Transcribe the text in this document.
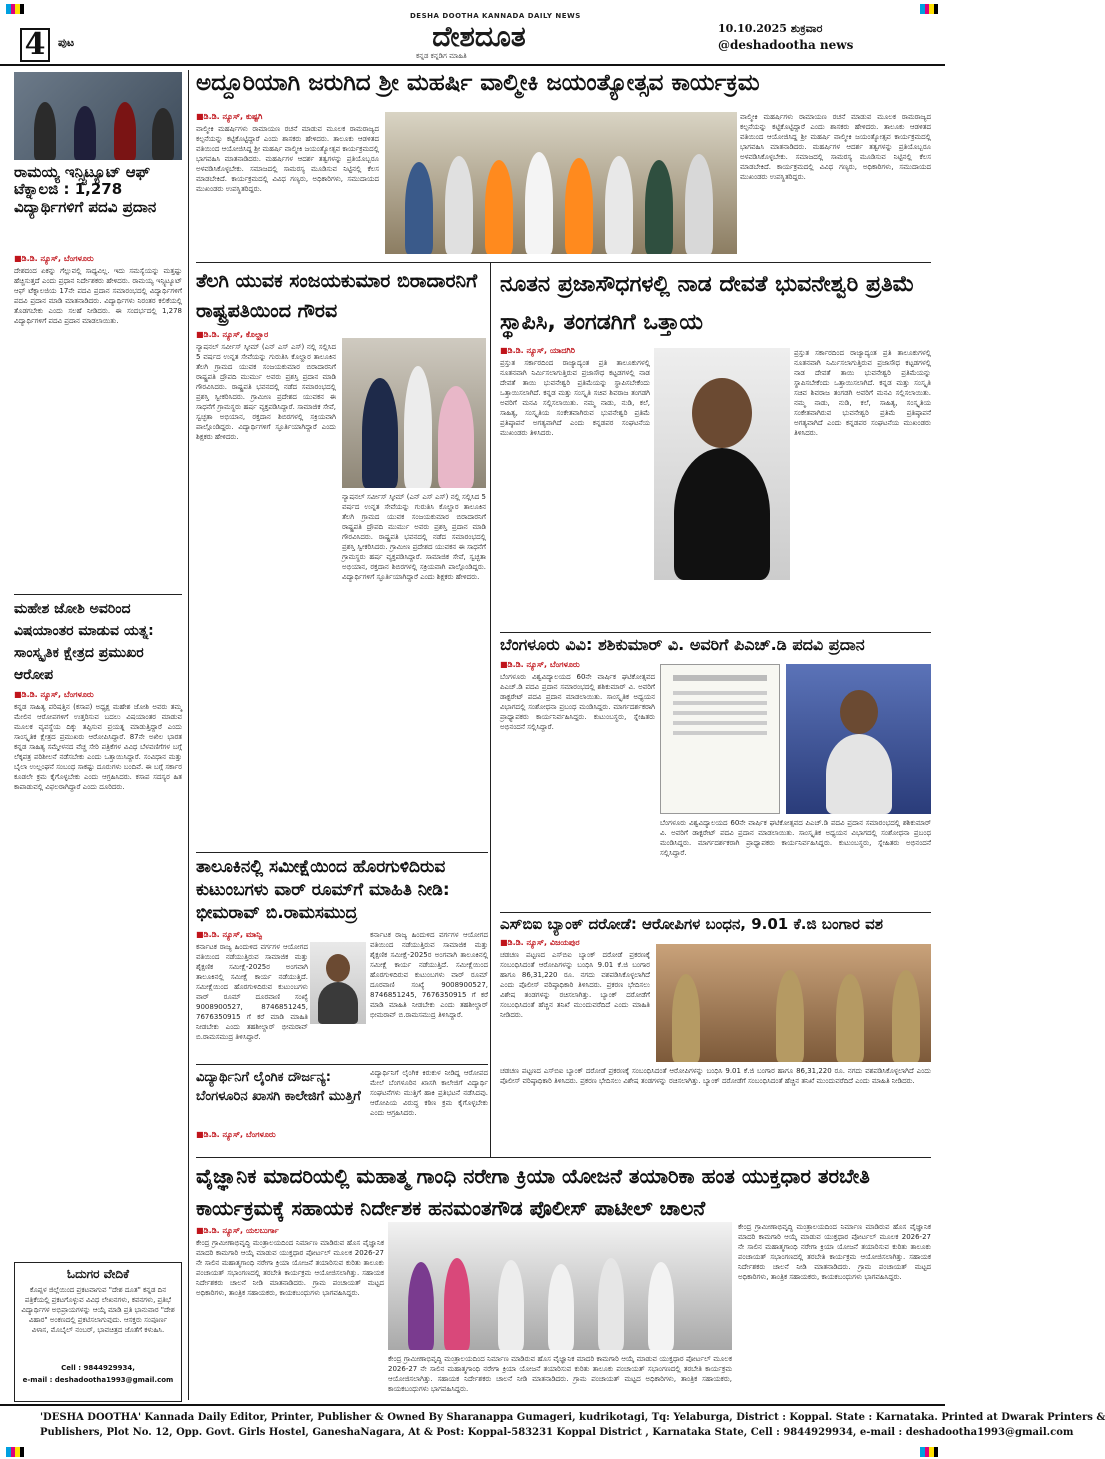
4	ಪುಟ
DESHA DOOTHA KANNADA DAILY NEWS
ದೇಶದೂತ
ಕನ್ನಡ ಕನ್ನಡಿಗ ಮಾಹಿತಿ
10.10.2025 ಶುಕ್ರವಾರ
@deshadootha news
ರಾಮಯ್ಯ ಇನ್ಸ್ಟಿಟ್ಯೂಟ್ ಆಫ್ ಟೆಕ್ನಾಲಜಿ : 1,278 ವಿದ್ಯಾರ್ಥಿಗಳಿಗೆ ಪದವಿ ಪ್ರದಾನ
■ಡಿ.ಡಿ. ನ್ಯೂಸ್, ಬೆಂಗಳೂರು
ದೇಶದಂದ ಏಕನ್ನು ಗೆಲ್ಲುವಲ್ಲಿ ಸಾಧ್ಯವಿಲ್ಲ. ಇದು ಸಮಸ್ಯೆಯನ್ನು ಮತ್ತಷ್ಟು ಹೆಚ್ಚಿಸುತ್ತದೆ ಎಂದು ಪ್ರಧಾನ ನಿರ್ದೇಶಕರು ಹೇಳಿದರು. ರಾಮಯ್ಯ ಇನ್ಸ್ಟಿಟ್ಯೂಟ್ ಆಫ್ ಟೆಕ್ನಾಲಜಿಯ 17ನೇ ಪದವಿ ಪ್ರದಾನ ಸಮಾರಂಭದಲ್ಲಿ ವಿದ್ಯಾರ್ಥಿಗಳಿಗೆ ಪದವಿ ಪ್ರದಾನ ಮಾಡಿ ಮಾತನಾಡಿದರು. ವಿದ್ಯಾರ್ಥಿಗಳು ನಿರಂತರ ಕಲಿಕೆಯಲ್ಲಿ ತೊಡಗಬೇಕು ಎಂದು ಸಲಹೆ ನೀಡಿದರು. ಈ ಸಂದರ್ಭದಲ್ಲಿ 1,278 ವಿದ್ಯಾರ್ಥಿಗಳಿಗೆ ಪದವಿ ಪ್ರದಾನ ಮಾಡಲಾಯಿತು.
ಮಹೇಶ ಜೋಶಿ ಅವರಿಂದ ವಿಷಯಾಂತರ ಮಾಡುವ ಯತ್ನ: ಸಾಂಸ್ಕೃತಿಕ ಕ್ಷೇತ್ರದ ಪ್ರಮುಖರ ಆರೋಪ
■ಡಿ.ಡಿ. ನ್ಯೂಸ್, ಬೆಂಗಳೂರು
ಕನ್ನಡ ಸಾಹಿತ್ಯ ಪರಿಷತ್ತಿನ (ಕಸಾಪ) ಅಧ್ಯಕ್ಷ ಮಹೇಶ ಜೋಶಿ ಅವರು ತಮ್ಮ ಮೇಲಿನ ಆರೋಪಗಳಿಗೆ ಉತ್ತರಿಸುವ ಬದಲು ವಿಷಯಾಂತರ ಮಾಡುವ ಮೂಲಕ ವ್ಯವಸ್ಥೆಯ ದಿಕ್ಕು ತಪ್ಪಿಸುವ ಪ್ರಯತ್ನ ಮಾಡುತ್ತಿದ್ದಾರೆ ಎಂದು ಸಾಂಸ್ಕೃತಿಕ ಕ್ಷೇತ್ರದ ಪ್ರಮುಖರು ಆರೋಪಿಸಿದ್ದಾರೆ. 87ನೇ ಅಖಿಲ ಭಾರತ ಕನ್ನಡ ಸಾಹಿತ್ಯ ಸಮ್ಮೇಳನದ ವೆಚ್ಚ ಸೇರಿ ಪತ್ರಿಕೆಗಳ ವಿವಿಧ ಬೆಳವಣಿಗೆಗಳ ಬಗ್ಗೆ ಲೆಕ್ಕಪತ್ರ ಪರಿಶೀಲನೆ ನಡೆಸಬೇಕು ಎಂದು ಒತ್ತಾಯಿಸಿದ್ದಾರೆ. ಸಂವಿಧಾನ ಮತ್ತು ಬೈಲಾ ಉಲ್ಲಂಘನೆ ಸಂಬಂಧ ಸಾಕಷ್ಟು ದೂರುಗಳು ಬಂದಿವೆ. ಈ ಬಗ್ಗೆ ಸರ್ಕಾರ ಕೂಡಲೇ ಕ್ರಮ ಕೈಗೊಳ್ಳಬೇಕು ಎಂದು ಆಗ್ರಹಿಸಿದರು. ಕಸಾಪ ಸದಸ್ಯರ ಹಿತ ಕಾಪಾಡುವಲ್ಲಿ ವಿಫಲರಾಗಿದ್ದಾರೆ ಎಂದು ದೂರಿದರು.
ಓದುಗರ ವೇದಿಕೆ
ಕೊಪ್ಪಳ ಜಿಲ್ಲೆಯಿಂದ ಪ್ರಕಟವಾಗುವ "ದೇಶ ದೂತ" ಕನ್ನಡ ದಿನ ಪತ್ರಿಕೆಯಲ್ಲಿ ಪ್ರಕಟಗೊಳ್ಳುವ ವಿವಿಧ ಲೇಖನಗಳು, ಕವನಗಳು, ಪ್ರತಿಭೆ ವಿದ್ಯಾರ್ಥಿಗಳ ಅಭಿಪ್ರಾಯಗಳನ್ನು ಆಯ್ಕೆ ಮಾಡಿ ಪ್ರತಿ ಭಾನುವಾರ "ದೇಶ ವಿಹಾರ" ಅಂಕಣದಲ್ಲಿ ಪ್ರಕಟಿಸಲಾಗುವುದು. ಆಸಕ್ತರು ಸಂಪೂರ್ಣ ವಿಳಾಸ, ಮೊಬೈಲ್ ನಂಬರ್, ಭಾವಚಿತ್ರದ ಜೊತೆಗೆ ಕಳುಹಿಸಿ.
Cell : 9844929934,
e-mail : deshadootha1993@gmail.com
ಅದ್ದೂರಿಯಾಗಿ ಜರುಗಿದ ಶ್ರೀ ಮಹರ್ಷಿ ವಾಲ್ಮೀಕಿ ಜಯಂತ್ಯೋತ್ಸವ ಕಾರ್ಯಕ್ರಮ
■ಡಿ.ಡಿ. ನ್ಯೂಸ್, ಕುಷ್ಟಗಿ
ವಾಲ್ಮೀಕಿ ಮಹರ್ಷಿಗಳು ರಾಮಾಯಣ ರಚನೆ ಮಾಡುವ ಮೂಲಕ ರಾಮರಾಜ್ಯದ ಕಲ್ಪನೆಯನ್ನು ಕಟ್ಟಿಕೊಟ್ಟಿದ್ದಾರೆ ಎಂದು ಶಾಸಕರು ಹೇಳಿದರು. ತಾಲೂಕು ಆಡಳಿತದ ವತಿಯಿಂದ ಆಯೋಜಿಸಿದ್ದ ಶ್ರೀ ಮಹರ್ಷಿ ವಾಲ್ಮೀಕಿ ಜಯಂತ್ಯೋತ್ಸವ ಕಾರ್ಯಕ್ರಮದಲ್ಲಿ ಭಾಗವಹಿಸಿ ಮಾತನಾಡಿದರು. ಮಹರ್ಷಿಗಳ ಆದರ್ಶ ತತ್ವಗಳನ್ನು ಪ್ರತಿಯೊಬ್ಬರೂ ಅಳವಡಿಸಿಕೊಳ್ಳಬೇಕು. ಸಮಾಜದಲ್ಲಿ ಸಾಮರಸ್ಯ ಮೂಡಿಸುವ ನಿಟ್ಟಿನಲ್ಲಿ ಕೆಲಸ ಮಾಡಬೇಕಿದೆ. ಕಾರ್ಯಕ್ರಮದಲ್ಲಿ ವಿವಿಧ ಗಣ್ಯರು, ಅಧಿಕಾರಿಗಳು, ಸಮುದಾಯದ ಮುಖಂಡರು ಉಪಸ್ಥಿತರಿದ್ದರು.
ವಾಲ್ಮೀಕಿ ಮಹರ್ಷಿಗಳು ರಾಮಾಯಣ ರಚನೆ ಮಾಡುವ ಮೂಲಕ ರಾಮರಾಜ್ಯದ ಕಲ್ಪನೆಯನ್ನು ಕಟ್ಟಿಕೊಟ್ಟಿದ್ದಾರೆ ಎಂದು ಶಾಸಕರು ಹೇಳಿದರು. ತಾಲೂಕು ಆಡಳಿತದ ವತಿಯಿಂದ ಆಯೋಜಿಸಿದ್ದ ಶ್ರೀ ಮಹರ್ಷಿ ವಾಲ್ಮೀಕಿ ಜಯಂತ್ಯೋತ್ಸವ ಕಾರ್ಯಕ್ರಮದಲ್ಲಿ ಭಾಗವಹಿಸಿ ಮಾತನಾಡಿದರು. ಮಹರ್ಷಿಗಳ ಆದರ್ಶ ತತ್ವಗಳನ್ನು ಪ್ರತಿಯೊಬ್ಬರೂ ಅಳವಡಿಸಿಕೊಳ್ಳಬೇಕು. ಸಮಾಜದಲ್ಲಿ ಸಾಮರಸ್ಯ ಮೂಡಿಸುವ ನಿಟ್ಟಿನಲ್ಲಿ ಕೆಲಸ ಮಾಡಬೇಕಿದೆ. ಕಾರ್ಯಕ್ರಮದಲ್ಲಿ ವಿವಿಧ ಗಣ್ಯರು, ಅಧಿಕಾರಿಗಳು, ಸಮುದಾಯದ ಮುಖಂಡರು ಉಪಸ್ಥಿತರಿದ್ದರು.
ತೆಲಗಿ ಯುವಕ ಸಂಜಯಕುಮಾರ ಬಿರಾದಾರನಿಗೆ ರಾಷ್ಟ್ರಪತಿಯಿಂದ ಗೌರವ
■ಡಿ.ಡಿ. ನ್ಯೂಸ್, ಕೊಲ್ಹಾರ
ನ್ಯಾಷನಲ್ ಸರ್ವೀಸ್ ಸ್ಕೀಮ್ (ಎನ್ ಎಸ್ ಎಸ್) ನಲ್ಲಿ ಸಲ್ಲಿಸಿದ 5 ವರ್ಷದ ಉನ್ನತ ಸೇವೆಯನ್ನು ಗುರುತಿಸಿ ಕೊಲ್ಹಾರ ತಾಲೂಕಿನ ತೆಲಗಿ ಗ್ರಾಮದ ಯುವಕ ಸಂಜಯಕುಮಾರ ಬಿರಾದಾರನಿಗೆ ರಾಷ್ಟ್ರಪತಿ ದ್ರೌಪದಿ ಮುರ್ಮು ಅವರು ಪ್ರಶಸ್ತಿ ಪ್ರದಾನ ಮಾಡಿ ಗೌರವಿಸಿದರು. ರಾಷ್ಟ್ರಪತಿ ಭವನದಲ್ಲಿ ನಡೆದ ಸಮಾರಂಭದಲ್ಲಿ ಪ್ರಶಸ್ತಿ ಸ್ವೀಕರಿಸಿದರು. ಗ್ರಾಮೀಣ ಪ್ರದೇಶದ ಯುವಕನ ಈ ಸಾಧನೆಗೆ ಗ್ರಾಮಸ್ಥರು ಹರ್ಷ ವ್ಯಕ್ತಪಡಿಸಿದ್ದಾರೆ. ಸಾಮಾಜಿಕ ಸೇವೆ, ಸ್ವಚ್ಛತಾ ಅಭಿಯಾನ, ರಕ್ತದಾನ ಶಿಬಿರಗಳಲ್ಲಿ ಸಕ್ರಿಯವಾಗಿ ಪಾಲ್ಗೊಂಡಿದ್ದರು. ವಿದ್ಯಾರ್ಥಿಗಳಿಗೆ ಸ್ಫೂರ್ತಿಯಾಗಿದ್ದಾರೆ ಎಂದು ಶಿಕ್ಷಕರು ಹೇಳಿದರು.
ನ್ಯಾಷನಲ್ ಸರ್ವೀಸ್ ಸ್ಕೀಮ್ (ಎನ್ ಎಸ್ ಎಸ್) ನಲ್ಲಿ ಸಲ್ಲಿಸಿದ 5 ವರ್ಷದ ಉನ್ನತ ಸೇವೆಯನ್ನು ಗುರುತಿಸಿ ಕೊಲ್ಹಾರ ತಾಲೂಕಿನ ತೆಲಗಿ ಗ್ರಾಮದ ಯುವಕ ಸಂಜಯಕುಮಾರ ಬಿರಾದಾರನಿಗೆ ರಾಷ್ಟ್ರಪತಿ ದ್ರೌಪದಿ ಮುರ್ಮು ಅವರು ಪ್ರಶಸ್ತಿ ಪ್ರದಾನ ಮಾಡಿ ಗೌರವಿಸಿದರು. ರಾಷ್ಟ್ರಪತಿ ಭವನದಲ್ಲಿ ನಡೆದ ಸಮಾರಂಭದಲ್ಲಿ ಪ್ರಶಸ್ತಿ ಸ್ವೀಕರಿಸಿದರು. ಗ್ರಾಮೀಣ ಪ್ರದೇಶದ ಯುವಕನ ಈ ಸಾಧನೆಗೆ ಗ್ರಾಮಸ್ಥರು ಹರ್ಷ ವ್ಯಕ್ತಪಡಿಸಿದ್ದಾರೆ. ಸಾಮಾಜಿಕ ಸೇವೆ, ಸ್ವಚ್ಛತಾ ಅಭಿಯಾನ, ರಕ್ತದಾನ ಶಿಬಿರಗಳಲ್ಲಿ ಸಕ್ರಿಯವಾಗಿ ಪಾಲ್ಗೊಂಡಿದ್ದರು. ವಿದ್ಯಾರ್ಥಿಗಳಿಗೆ ಸ್ಫೂರ್ತಿಯಾಗಿದ್ದಾರೆ ಎಂದು ಶಿಕ್ಷಕರು ಹೇಳಿದರು.
ನೂತನ ಪ್ರಜಾಸೌಧಗಳಲ್ಲಿ ನಾಡ ದೇವತೆ ಭುವನೇಶ್ವರಿ ಪ್ರತಿಮೆ ಸ್ಥಾಪಿಸಿ, ತಂಗಡಗಿಗೆ ಒತ್ತಾಯ
■ಡಿ.ಡಿ. ನ್ಯೂಸ್, ಯಾದಗಿರಿ
ಪ್ರಸ್ತುತ ಸರ್ಕಾರದಿಂದ ರಾಜ್ಯಾದ್ಯಂತ ಪ್ರತಿ ತಾಲೂಕುಗಳಲ್ಲಿ ನೂತನವಾಗಿ ನಿರ್ಮಿಸಲಾಗುತ್ತಿರುವ ಪ್ರಜಾಸೌಧ ಕಟ್ಟಡಗಳಲ್ಲಿ ನಾಡ ದೇವತೆ ತಾಯಿ ಭುವನೇಶ್ವರಿ ಪ್ರತಿಮೆಯನ್ನು ಸ್ಥಾಪಿಸಬೇಕೆಂದು ಒತ್ತಾಯಿಸಲಾಗಿದೆ. ಕನ್ನಡ ಮತ್ತು ಸಂಸ್ಕೃತಿ ಸಚಿವ ಶಿವರಾಜ ತಂಗಡಗಿ ಅವರಿಗೆ ಮನವಿ ಸಲ್ಲಿಸಲಾಯಿತು. ನಮ್ಮ ನಾಡು, ನುಡಿ, ಕಲೆ, ಸಾಹಿತ್ಯ, ಸಂಸ್ಕೃತಿಯ ಸಂಕೇತವಾಗಿರುವ ಭುವನೇಶ್ವರಿ ಪ್ರತಿಮೆ ಪ್ರತಿಷ್ಠಾಪನೆ ಅಗತ್ಯವಾಗಿದೆ ಎಂದು ಕನ್ನಡಪರ ಸಂಘಟನೆಯ ಮುಖಂಡರು ತಿಳಿಸಿದರು.
ಪ್ರಸ್ತುತ ಸರ್ಕಾರದಿಂದ ರಾಜ್ಯಾದ್ಯಂತ ಪ್ರತಿ ತಾಲೂಕುಗಳಲ್ಲಿ ನೂತನವಾಗಿ ನಿರ್ಮಿಸಲಾಗುತ್ತಿರುವ ಪ್ರಜಾಸೌಧ ಕಟ್ಟಡಗಳಲ್ಲಿ ನಾಡ ದೇವತೆ ತಾಯಿ ಭುವನೇಶ್ವರಿ ಪ್ರತಿಮೆಯನ್ನು ಸ್ಥಾಪಿಸಬೇಕೆಂದು ಒತ್ತಾಯಿಸಲಾಗಿದೆ. ಕನ್ನಡ ಮತ್ತು ಸಂಸ್ಕೃತಿ ಸಚಿವ ಶಿವರಾಜ ತಂಗಡಗಿ ಅವರಿಗೆ ಮನವಿ ಸಲ್ಲಿಸಲಾಯಿತು. ನಮ್ಮ ನಾಡು, ನುಡಿ, ಕಲೆ, ಸಾಹಿತ್ಯ, ಸಂಸ್ಕೃತಿಯ ಸಂಕೇತವಾಗಿರುವ ಭುವನೇಶ್ವರಿ ಪ್ರತಿಮೆ ಪ್ರತಿಷ್ಠಾಪನೆ ಅಗತ್ಯವಾಗಿದೆ ಎಂದು ಕನ್ನಡಪರ ಸಂಘಟನೆಯ ಮುಖಂಡರು ತಿಳಿಸಿದರು.
ಬೆಂಗಳೂರು ವಿವಿ: ಶಶಿಕುಮಾರ್ ವಿ. ಅವರಿಗೆ ಪಿಎಚ್.ಡಿ ಪದವಿ ಪ್ರದಾನ
■ಡಿ.ಡಿ. ನ್ಯೂಸ್, ಬೆಂಗಳೂರು
ಬೆಂಗಳೂರು ವಿಶ್ವವಿದ್ಯಾಲಯದ 60ನೇ ವಾರ್ಷಿಕ ಘಟಿಕೋತ್ಸವದ ಪಿಎಚ್.ಡಿ ಪದವಿ ಪ್ರದಾನ ಸಮಾರಂಭದಲ್ಲಿ ಶಶಿಕುಮಾರ್ ವಿ. ಅವರಿಗೆ ಡಾಕ್ಟರೇಟ್ ಪದವಿ ಪ್ರದಾನ ಮಾಡಲಾಯಿತು. ಸಾಂಸ್ಕೃತಿಕ ಅಧ್ಯಯನ ವಿಭಾಗದಲ್ಲಿ ಸಂಶೋಧನಾ ಪ್ರಬಂಧ ಮಂಡಿಸಿದ್ದರು. ಮಾರ್ಗದರ್ಶಕರಾಗಿ ಪ್ರಾಧ್ಯಾಪಕರು ಕಾರ್ಯನಿರ್ವಹಿಸಿದ್ದರು. ಕುಟುಂಬಸ್ಥರು, ಸ್ನೇಹಿತರು ಅಭಿನಂದನೆ ಸಲ್ಲಿಸಿದ್ದಾರೆ.
ಬೆಂಗಳೂರು ವಿಶ್ವವಿದ್ಯಾಲಯದ 60ನೇ ವಾರ್ಷಿಕ ಘಟಿಕೋತ್ಸವದ ಪಿಎಚ್.ಡಿ ಪದವಿ ಪ್ರದಾನ ಸಮಾರಂಭದಲ್ಲಿ ಶಶಿಕುಮಾರ್ ವಿ. ಅವರಿಗೆ ಡಾಕ್ಟರೇಟ್ ಪದವಿ ಪ್ರದಾನ ಮಾಡಲಾಯಿತು. ಸಾಂಸ್ಕೃತಿಕ ಅಧ್ಯಯನ ವಿಭಾಗದಲ್ಲಿ ಸಂಶೋಧನಾ ಪ್ರಬಂಧ ಮಂಡಿಸಿದ್ದರು. ಮಾರ್ಗದರ್ಶಕರಾಗಿ ಪ್ರಾಧ್ಯಾಪಕರು ಕಾರ್ಯನಿರ್ವಹಿಸಿದ್ದರು. ಕುಟುಂಬಸ್ಥರು, ಸ್ನೇಹಿತರು ಅಭಿನಂದನೆ ಸಲ್ಲಿಸಿದ್ದಾರೆ.
ತಾಲೂಕಿನಲ್ಲಿ ಸಮೀಕ್ಷೆಯಿಂದ ಹೊರಗುಳಿದಿರುವ ಕುಟುಂಬಗಳು ವಾರ್ ರೂಮ್‌ಗೆ ಮಾಹಿತಿ ನೀಡಿ: ಭೀಮರಾವ್ ಬಿ.ರಾಮಸಮುದ್ರ
■ಡಿ.ಡಿ. ನ್ಯೂಸ್, ಮಾನ್ವಿ
ಕರ್ನಾಟಕ ರಾಜ್ಯ ಹಿಂದುಳಿದ ವರ್ಗಗಳ ಆಯೋಗದ ವತಿಯಿಂದ ನಡೆಯುತ್ತಿರುವ ಸಾಮಾಜಿಕ ಮತ್ತು ಶೈಕ್ಷಣಿಕ ಸಮೀಕ್ಷೆ-2025ರ ಅಂಗವಾಗಿ ತಾಲೂಕಿನಲ್ಲಿ ಸಮೀಕ್ಷೆ ಕಾರ್ಯ ನಡೆಯುತ್ತಿದೆ. ಸಮೀಕ್ಷೆಯಿಂದ ಹೊರಗುಳಿದಿರುವ ಕುಟುಂಬಗಳು ವಾರ್ ರೂಮ್ ದೂರವಾಣಿ ಸಂಖ್ಯೆ 9008900527, 8746851245, 7676350915 ಗೆ ಕರೆ ಮಾಡಿ ಮಾಹಿತಿ ನೀಡಬೇಕು ಎಂದು ತಹಶೀಲ್ದಾರ್ ಭೀಮರಾವ್ ಬಿ.ರಾಮಸಮುದ್ರ ತಿಳಿಸಿದ್ದಾರೆ.
ಕರ್ನಾಟಕ ರಾಜ್ಯ ಹಿಂದುಳಿದ ವರ್ಗಗಳ ಆಯೋಗದ ವತಿಯಿಂದ ನಡೆಯುತ್ತಿರುವ ಸಾಮಾಜಿಕ ಮತ್ತು ಶೈಕ್ಷಣಿಕ ಸಮೀಕ್ಷೆ-2025ರ ಅಂಗವಾಗಿ ತಾಲೂಕಿನಲ್ಲಿ ಸಮೀಕ್ಷೆ ಕಾರ್ಯ ನಡೆಯುತ್ತಿದೆ. ಸಮೀಕ್ಷೆಯಿಂದ ಹೊರಗುಳಿದಿರುವ ಕುಟುಂಬಗಳು ವಾರ್ ರೂಮ್ ದೂರವಾಣಿ ಸಂಖ್ಯೆ 9008900527, 8746851245, 7676350915 ಗೆ ಕರೆ ಮಾಡಿ ಮಾಹಿತಿ ನೀಡಬೇಕು ಎಂದು ತಹಶೀಲ್ದಾರ್ ಭೀಮರಾವ್ ಬಿ.ರಾಮಸಮುದ್ರ ತಿಳಿಸಿದ್ದಾರೆ.
ಎಸ್‌ಬಿಐ ಬ್ಯಾಂಕ್ ದರೋಡೆ: ಆರೋಪಿಗಳ ಬಂಧನ, 9.01 ಕೆ.ಜಿ ಬಂಗಾರ ವಶ
■ಡಿ.ಡಿ. ನ್ಯೂಸ್, ವಿಜಯಪುರ
ಚಡಚಣ ಪಟ್ಟಣದ ಎಸ್‌ಬಿಐ ಬ್ಯಾಂಕ್ ದರೋಡೆ ಪ್ರಕರಣಕ್ಕೆ ಸಂಬಂಧಿಸಿದಂತೆ ಆರೋಪಿಗಳನ್ನು ಬಂಧಿಸಿ 9.01 ಕೆ.ಜಿ ಬಂಗಾರ ಹಾಗೂ 86,31,220 ರೂ. ನಗದು ವಶಪಡಿಸಿಕೊಳ್ಳಲಾಗಿದೆ ಎಂದು ಪೊಲೀಸ್ ವರಿಷ್ಠಾಧಿಕಾರಿ ತಿಳಿಸಿದರು. ಪ್ರಕರಣ ಭೇದಿಸಲು ವಿಶೇಷ ತಂಡಗಳನ್ನು ರಚಿಸಲಾಗಿತ್ತು. ಬ್ಯಾಂಕ್ ದರೋಡೆಗೆ ಸಂಬಂಧಿಸಿದಂತೆ ಹೆಚ್ಚಿನ ತನಿಖೆ ಮುಂದುವರೆದಿದೆ ಎಂದು ಮಾಹಿತಿ ನೀಡಿದರು.
ಚಡಚಣ ಪಟ್ಟಣದ ಎಸ್‌ಬಿಐ ಬ್ಯಾಂಕ್ ದರೋಡೆ ಪ್ರಕರಣಕ್ಕೆ ಸಂಬಂಧಿಸಿದಂತೆ ಆರೋಪಿಗಳನ್ನು ಬಂಧಿಸಿ 9.01 ಕೆ.ಜಿ ಬಂಗಾರ ಹಾಗೂ 86,31,220 ರೂ. ನಗದು ವಶಪಡಿಸಿಕೊಳ್ಳಲಾಗಿದೆ ಎಂದು ಪೊಲೀಸ್ ವರಿಷ್ಠಾಧಿಕಾರಿ ತಿಳಿಸಿದರು. ಪ್ರಕರಣ ಭೇದಿಸಲು ವಿಶೇಷ ತಂಡಗಳನ್ನು ರಚಿಸಲಾಗಿತ್ತು. ಬ್ಯಾಂಕ್ ದರೋಡೆಗೆ ಸಂಬಂಧಿಸಿದಂತೆ ಹೆಚ್ಚಿನ ತನಿಖೆ ಮುಂದುವರೆದಿದೆ ಎಂದು ಮಾಹಿತಿ ನೀಡಿದರು.
ವಿದ್ಯಾರ್ಥಿನಿಗೆ ಲೈಂಗಿಕ ದೌರ್ಜನ್ಯ: ಬೆಂಗಳೂರಿನ ಖಾಸಗಿ ಕಾಲೇಜಿಗೆ ಮುತ್ತಿಗೆ
■ಡಿ.ಡಿ. ನ್ಯೂಸ್, ಬೆಂಗಳೂರು
ವಿದ್ಯಾರ್ಥಿನಿಗೆ ಲೈಂಗಿಕ ಕಿರುಕುಳ ನೀಡಿದ್ದ ಆರೋಪದ ಮೇಲೆ ಬೆಂಗಳೂರಿನ ಖಾಸಗಿ ಕಾಲೇಜಿಗೆ ವಿದ್ಯಾರ್ಥಿ ಸಂಘಟನೆಗಳು ಮುತ್ತಿಗೆ ಹಾಕಿ ಪ್ರತಿಭಟನೆ ನಡೆಸಿದವು. ಆರೋಪಿಯ ವಿರುದ್ಧ ಕಠಿಣ ಕ್ರಮ ಕೈಗೊಳ್ಳಬೇಕು ಎಂದು ಆಗ್ರಹಿಸಿದರು.
ವೈಜ್ಞಾನಿಕ ಮಾದರಿಯಲ್ಲಿ ಮಹಾತ್ಮ ಗಾಂಧಿ ನರೇಗಾ ಕ್ರಿಯಾ ಯೋಜನೆ ತಯಾರಿಕಾ ಹಂತ ಯುಕ್ತಧಾರ ತರಬೇತಿ ಕಾರ್ಯಕ್ರಮಕ್ಕೆ ಸಹಾಯಕ ನಿರ್ದೇಶಕ ಹನಮಂತಗೌಡ ಪೊಲೀಸ್ ಪಾಟೀಲ್ ಚಾಲನೆ
■ಡಿ.ಡಿ. ನ್ಯೂಸ್, ಯಲಬುರ್ಗಾ
ಕೇಂದ್ರ ಗ್ರಾಮೀಣಾಭಿವೃದ್ಧಿ ಮಂತ್ರಾಲಯದಿಂದ ನಿರ್ಮಾಣ ಮಾಡಿರುವ ಹೊಸ ವೈಜ್ಞಾನಿಕ ಮಾದರಿ ಕಾಮಗಾರಿ ಆಯ್ಕೆ ಮಾಡುವ ಯುಕ್ತಧಾರ ಪೋರ್ಟಲ್ ಮೂಲಕ 2026-27 ನೇ ಸಾಲಿನ ಮಹಾತ್ಮಗಾಂಧಿ ನರೇಗಾ ಕ್ರಿಯಾ ಯೋಜನೆ ತಯಾರಿಸುವ ಕುರಿತು ತಾಲೂಕು ಪಂಚಾಯತ್ ಸಭಾಂಗಣದಲ್ಲಿ ತರಬೇತಿ ಕಾರ್ಯಕ್ರಮ ಆಯೋಜಿಸಲಾಗಿತ್ತು. ಸಹಾಯಕ ನಿರ್ದೇಶಕರು ಚಾಲನೆ ನೀಡಿ ಮಾತನಾಡಿದರು. ಗ್ರಾಮ ಪಂಚಾಯತ್ ಮಟ್ಟದ ಅಧಿಕಾರಿಗಳು, ತಾಂತ್ರಿಕ ಸಹಾಯಕರು, ಕಾಯಕಬಂಧುಗಳು ಭಾಗವಹಿಸಿದ್ದರು.
ಕೇಂದ್ರ ಗ್ರಾಮೀಣಾಭಿವೃದ್ಧಿ ಮಂತ್ರಾಲಯದಿಂದ ನಿರ್ಮಾಣ ಮಾಡಿರುವ ಹೊಸ ವೈಜ್ಞಾನಿಕ ಮಾದರಿ ಕಾಮಗಾರಿ ಆಯ್ಕೆ ಮಾಡುವ ಯುಕ್ತಧಾರ ಪೋರ್ಟಲ್ ಮೂಲಕ 2026-27 ನೇ ಸಾಲಿನ ಮಹಾತ್ಮಗಾಂಧಿ ನರೇಗಾ ಕ್ರಿಯಾ ಯೋಜನೆ ತಯಾರಿಸುವ ಕುರಿತು ತಾಲೂಕು ಪಂಚಾಯತ್ ಸಭಾಂಗಣದಲ್ಲಿ ತರಬೇತಿ ಕಾರ್ಯಕ್ರಮ ಆಯೋಜಿಸಲಾಗಿತ್ತು. ಸಹಾಯಕ ನಿರ್ದೇಶಕರು ಚಾಲನೆ ನೀಡಿ ಮಾತನಾಡಿದರು. ಗ್ರಾಮ ಪಂಚಾಯತ್ ಮಟ್ಟದ ಅಧಿಕಾರಿಗಳು, ತಾಂತ್ರಿಕ ಸಹಾಯಕರು, ಕಾಯಕಬಂಧುಗಳು ಭಾಗವಹಿಸಿದ್ದರು.
ಕೇಂದ್ರ ಗ್ರಾಮೀಣಾಭಿವೃದ್ಧಿ ಮಂತ್ರಾಲಯದಿಂದ ನಿರ್ಮಾಣ ಮಾಡಿರುವ ಹೊಸ ವೈಜ್ಞಾನಿಕ ಮಾದರಿ ಕಾಮಗಾರಿ ಆಯ್ಕೆ ಮಾಡುವ ಯುಕ್ತಧಾರ ಪೋರ್ಟಲ್ ಮೂಲಕ 2026-27 ನೇ ಸಾಲಿನ ಮಹಾತ್ಮಗಾಂಧಿ ನರೇಗಾ ಕ್ರಿಯಾ ಯೋಜನೆ ತಯಾರಿಸುವ ಕುರಿತು ತಾಲೂಕು ಪಂಚಾಯತ್ ಸಭಾಂಗಣದಲ್ಲಿ ತರಬೇತಿ ಕಾರ್ಯಕ್ರಮ ಆಯೋಜಿಸಲಾಗಿತ್ತು. ಸಹಾಯಕ ನಿರ್ದೇಶಕರು ಚಾಲನೆ ನೀಡಿ ಮಾತನಾಡಿದರು. ಗ್ರಾಮ ಪಂಚಾಯತ್ ಮಟ್ಟದ ಅಧಿಕಾರಿಗಳು, ತಾಂತ್ರಿಕ ಸಹಾಯಕರು, ಕಾಯಕಬಂಧುಗಳು ಭಾಗವಹಿಸಿದ್ದರು.
'DESHA DOOTHA' Kannada Daily Editor, Printer, Publisher & Owned By Sharanappa Gumageri, kudrikotagi, Tq: Yelaburga, District : Koppal. State : Karnataka. Printed at Dwarak Printers &
Publishers, Plot No. 12, Opp. Govt. Girls Hostel, GaneshaNagara, At & Post: Koppal-583231 Koppal District , Karnataka State, Cell : 9844929934, e-mail : deshadootha1993@gmail.com
